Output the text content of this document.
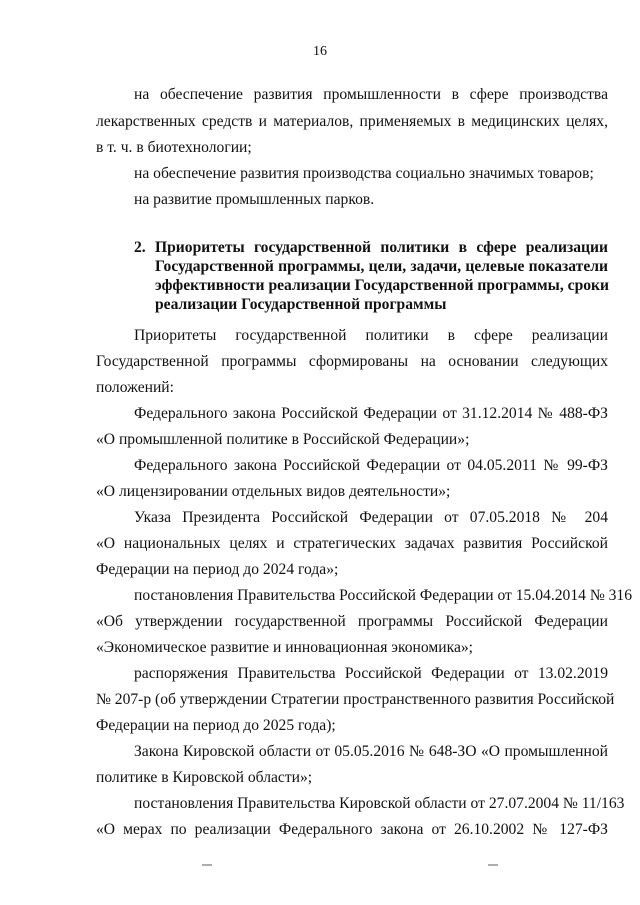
16
на обеспечение развития промышленности в сфере производства
лекарственных средств и материалов, применяемых в медицинских целях,
в т. ч. в биотехнологии;
на обеспечение развития производства социально значимых товаров;
на развитие промышленных парков.
2. Приоритеты государственной политики в сфере реализации
Государственной программы, цели, задачи, целевые показатели
эффективности реализации Государственной программы, сроки
реализации Государственной программы
Приоритеты государственной политики в сфере реализации
Государственной программы сформированы на основании следующих
положений:
Федерального закона Российской Федерации от 31.12.2014 № 488-ФЗ
«О промышленной политике в Российской Федерации»;
Федерального закона Российской Федерации от 04.05.2011 № 99-ФЗ
«О лицензировании отдельных видов деятельности»;
Указа Президента Российской Федерации от 07.05.2018 № 204
«О национальных целях и стратегических задачах развития Российской
Федерации на период до 2024 года»;
постановления Правительства Российской Федерации от 15.04.2014 № 316
«Об утверждении государственной программы Российской Федерации
«Экономическое развитие и инновационная экономика»;
распоряжения Правительства Российской Федерации от 13.02.2019
№ 207-р (об утверждении Стратегии пространственного развития Российской
Федерации на период до 2025 года);
Закона Кировской области от 05.05.2016 № 648-ЗО «О промышленной
политике в Кировской области»;
постановления Правительства Кировской области от 27.07.2004 № 11/163
«О мерах по реализации Федерального закона от 26.10.2002 № 127-ФЗ
